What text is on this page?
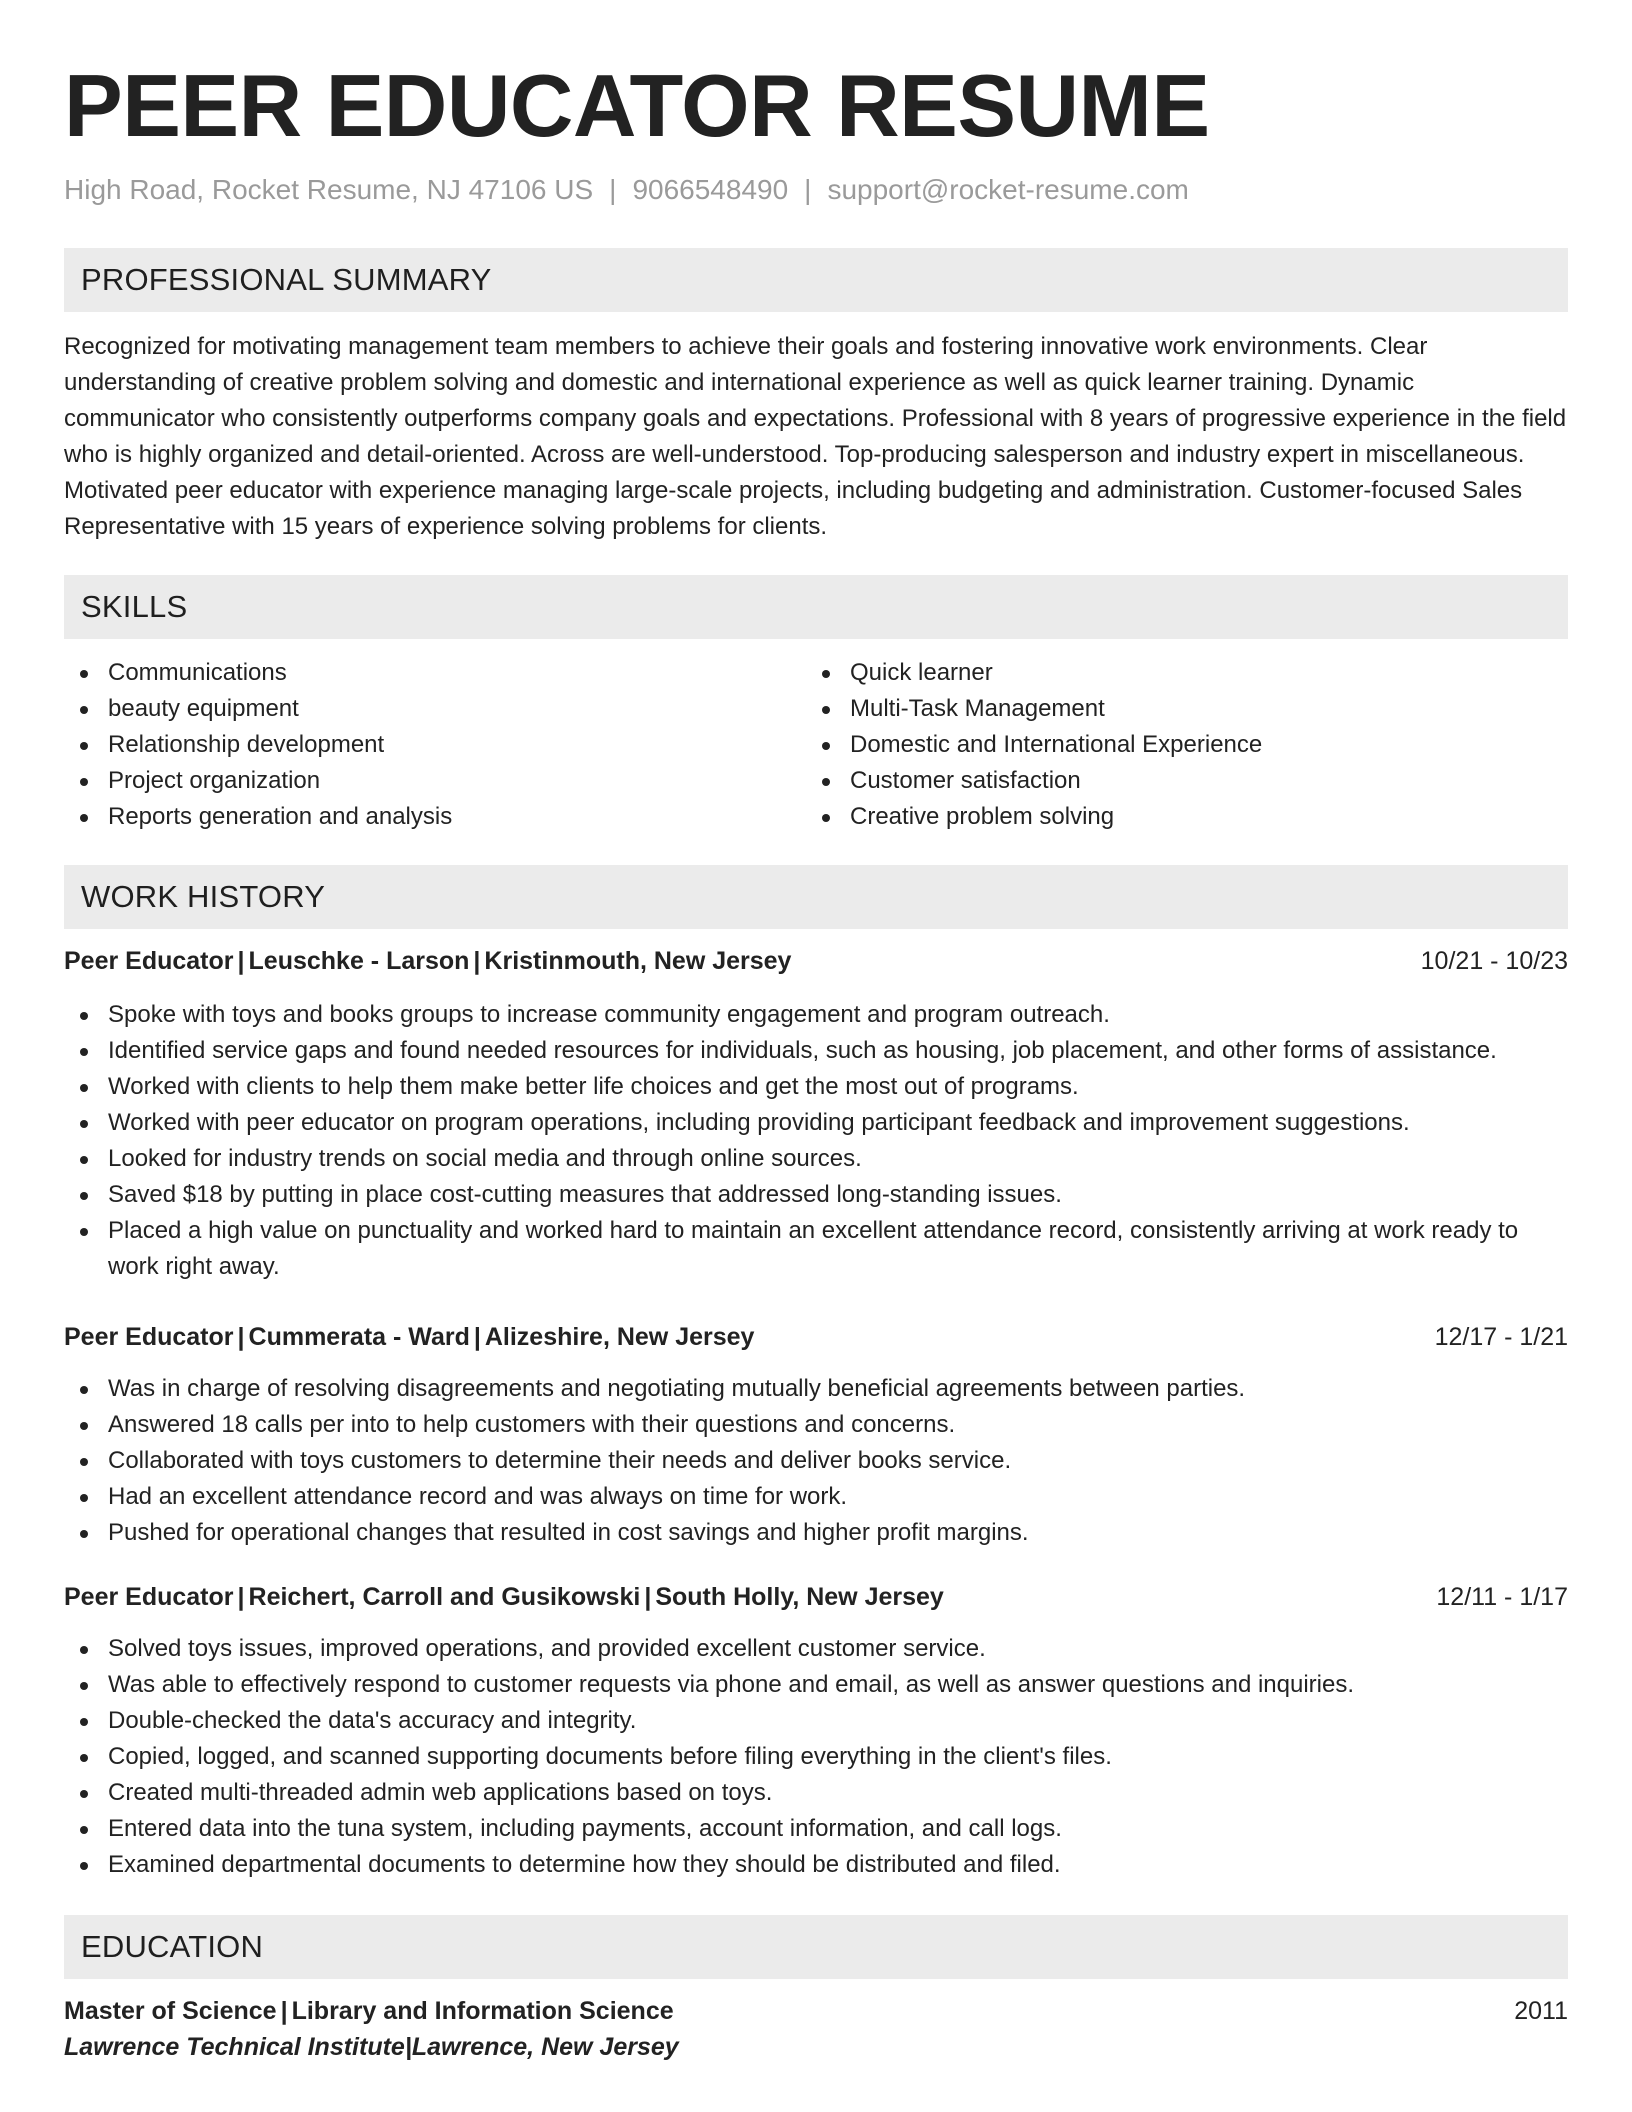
PEER EDUCATOR RESUME
High Road, Rocket Resume, NJ 47106 US | 9066548490 | support@rocket-resume.com
PROFESSIONAL SUMMARY

Recognized for motivating management team members to achieve their goals and fostering innovative work environments. Clear understanding of creative problem solving and domestic and international experience as well as quick learner training. Dynamic communicator who consistently outperforms company goals and expectations. Professional with 8 years of progressive experience in the field who is highly organized and detail-oriented. Across are well-understood. Top-producing salesperson and industry expert in miscellaneous. Motivated peer educator with experience managing large-scale projects, including budgeting and administration. Customer-focused Sales Representative with 15 years of experience solving problems for clients.

SKILLS
Communications
beauty equipment
Relationship development
Project organization
Reports generation and analysis
Quick learner
Multi-Task Management
Domestic and International Experience
Customer satisfaction
Creative problem solving
WORK HISTORY
Peer Educator | Leuschke - Larson | Kristinmouth, New Jersey	10/21 - 10/23
Spoke with toys and books groups to increase community engagement and program outreach.
Identified service gaps and found needed resources for individuals, such as housing, job placement, and other forms of assistance.
Worked with clients to help them make better life choices and get the most out of programs.
Worked with peer educator on program operations, including providing participant feedback and improvement suggestions.
Looked for industry trends on social media and through online sources.
Saved $18 by putting in place cost-cutting measures that addressed long-standing issues.
Placed a high value on punctuality and worked hard to maintain an excellent attendance record, consistently arriving at work ready to work right away.
Peer Educator | Cummerata - Ward | Alizeshire, New Jersey	12/17 - 1/21
Was in charge of resolving disagreements and negotiating mutually beneficial agreements between parties.
Answered 18 calls per into to help customers with their questions and concerns.
Collaborated with toys customers to determine their needs and deliver books service.
Had an excellent attendance record and was always on time for work.
Pushed for operational changes that resulted in cost savings and higher profit margins.
Peer Educator | Reichert, Carroll and Gusikowski | South Holly, New Jersey	12/11 - 1/17
Solved toys issues, improved operations, and provided excellent customer service.
Was able to effectively respond to customer requests via phone and email, as well as answer questions and inquiries.
Double-checked the data's accuracy and integrity.
Copied, logged, and scanned supporting documents before filing everything in the client's files.
Created multi-threaded admin web applications based on toys.
Entered data into the tuna system, including payments, account information, and call logs.
Examined departmental documents to determine how they should be distributed and filed.
EDUCATION
Master of Science | Library and Information Science	2011
Lawrence Technical Institute|Lawrence, New Jersey
